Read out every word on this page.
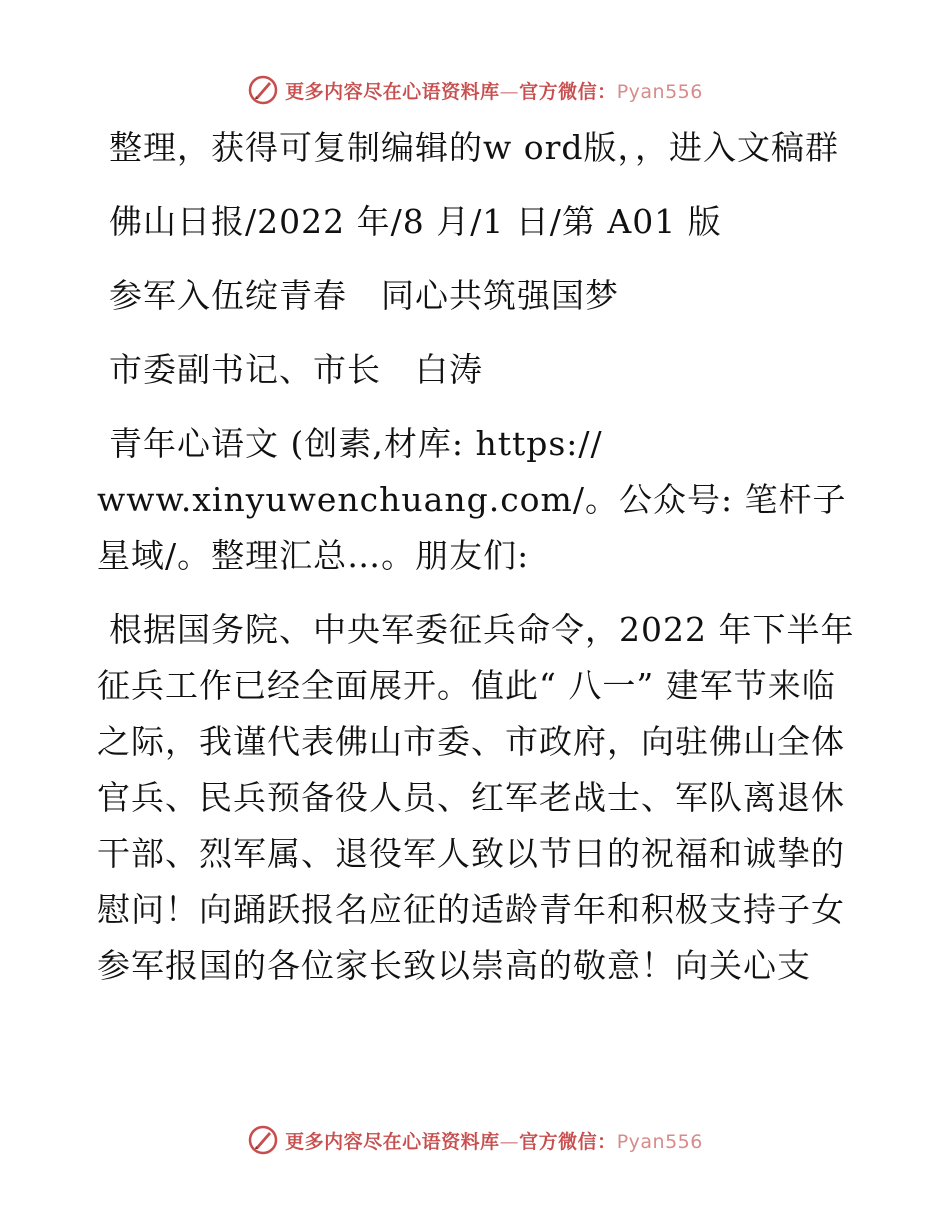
更多内容尽在心语资料库—官方微信：Pyan556

整理，获得可复制编辑的w ord版，，进入文稿群

佛山日报/2022 年/8 月/1 日/第 A01 版

参军入伍绽青春　同心共筑强国梦

市委副书记、市长　白涛

青年心语文 (创素,材库: https:// www.xinyuwenchuang.com/。公众号: 笔杆子星域/。整理汇总…。朋友们:

根据国务院、中央军委征兵命令，2022 年下半年征兵工作已经全面展开。值此“ 八一” 建军节来临之际，我谨代表佛山市委、市政府，向驻佛山全体官兵、民兵预备役人员、红军老战士、军队离退休干部、烈军属、退役军人致以节日的祝福和诚挚的慰问！向踊跃报名应征的适龄青年和积极支持子女参军报国的各位家长致以崇高的敬意！向关心支

更多内容尽在心语资料库—官方微信：Pyan556
